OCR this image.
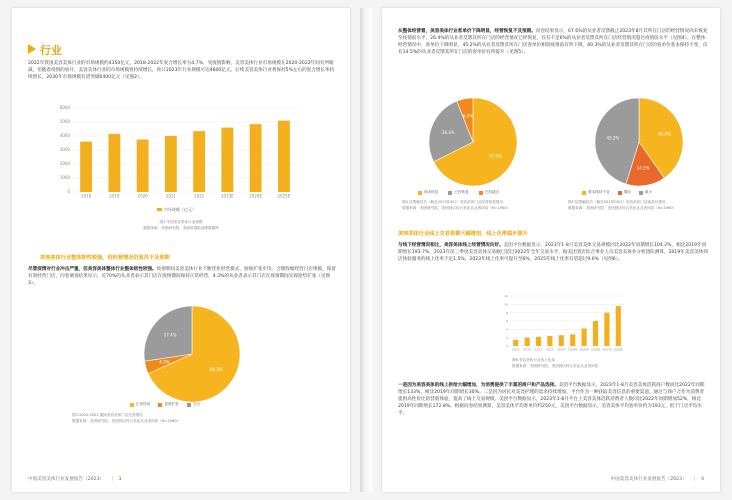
行业
2022年我国美容美体行业的市场规模约4350亿元，2018-2022年复合增长率为4.7%，受疫情影响，美容美体行业市场规模在2020-2022年间有所缩减，但随着疫情的放开，美容美体行业的市场规模将持续增长，预计2023年行业规模可达4600亿元，后续美容美体行业将保持5%左右的复合增长率持续增长，2030年市场规模有望突破6400亿元（见图2）。
0
1000
2000
3000
4000
5000
6000
2018	2019	2020	2021	2022	2023E	2024E	2025E
市场规模（亿元）
图2 中国美容美体行业规模
数据来源：美团研究院，美丽说国际品牌数据库
美容美体行业整体韧性较强，但经营情况仍复苏不及预期
尽管疫情对行业冲击严重，但美容美体整体行业整体韧性较强。疫情期间美容美体行业不断优化经营模式，放缓扩张步伐，合理收缩经营门店规模，保留有效经营门店，问卷调查结果显示，近70%的从业者表示其门店在疫情期间保持正常经营，4.3%的从业者表示其门店在疫情期间实现逆势扩张（见图3）。
68.3%
4.3%
27.4%
正常经营	逆势扩张	关店
图3 2020-2022 期间美容美体门店经营情况
数据来源：美团研究院，美团到店综合美业从业者问卷（N=1960）
中国美容美体行业发展报告（2023） | 3
从整体经营看，美容美体行业客单价下降明显，经营恢复不及预期。问卷结果显示，67.6%的从业者反馈截止2023年8月其所在门店的经营情况尚未恢复至疫情前水平，26.4%的从业者反馈其所在门店的经营情况已经恢复，仅有不足6%的从业者反馈其所在门店经营情况超过疫情前水平（见图4）。在整体经营情况中，客单价下降明显，45.2%的从业者反馈其所在门店客单价相较疫情前有所下降，40.3%的从业者反馈其所在门店的客单价基本保持不变，仅有14.5%的从业者反馈其所在门店的客单价有所提升（见图5）。
67.6%
26.4%
6.0%
尚未恢复	已经恢复	已经超过
图4 疫情解封后（截至2023年8月）美容美体门店经营恢复情况
数据来源：美团研究院，美团到店综合美业从业者问卷（N=1960）
40.3%
14.5%
45.2%
基本保持不变	增加	减少
图5 疫情解封后（截至2023年8月）美容美体门店客单价情况
数据来源：美团研究院，美团到店综合美业从业者问卷（N=1960）
美容美体行业线上交易规模大幅增加，线上化率稳步提升
与线下经营情况相比，美容美体线上经营情况向好。美团平台数据显示，2023年1-8月美容美体交易规模同比2022年同期增长104.2%，相比2019年同期增长193.7%，2023年前三季度美容美体交易额已超过2022年全年交易水平，据美团到店综合事业人员美容美体业分析团队测算，2019年美容美体到店体验服务的线上化率不足1.5%，2023年线上化率可提升至6%，2025年线上化率有望超过9.6%（见图6）。
0
2
4
6
8
10
12
2019 2020 2021 2022 2023 2024E 2025E 2026E 2027E 2028E
图6 美容美体行业线上化率
数据来源：美团研究院，美团到店综合美业从业者问卷
一是因为美容美体的线上供给大幅增加，为消费提供了丰富的商户和产品选择。美团平台数据显示，2023年1-8月美容美体活跃商户数同比2022年同期增长133%，相比2019年同期增长30%。二是因为居民对美容护理的需求持续增加，平台作为一种获取美容信息的重要渠道，通过与商户合作为消费者提供高性价比的营销体验，提高了线上交易规模。美团平台数据显示，2023年1-8月平台上美容美体活跃消费者人数同比2022年同期增加52%，相比2019年同期增长172.8%。根据问卷结果测算，美容美体平均客单价约250元，美团平台数据显示，美容美体平均客单价约为193元，低于门店平均水平。
中国美容美体行业发展报告（2023） | 4
